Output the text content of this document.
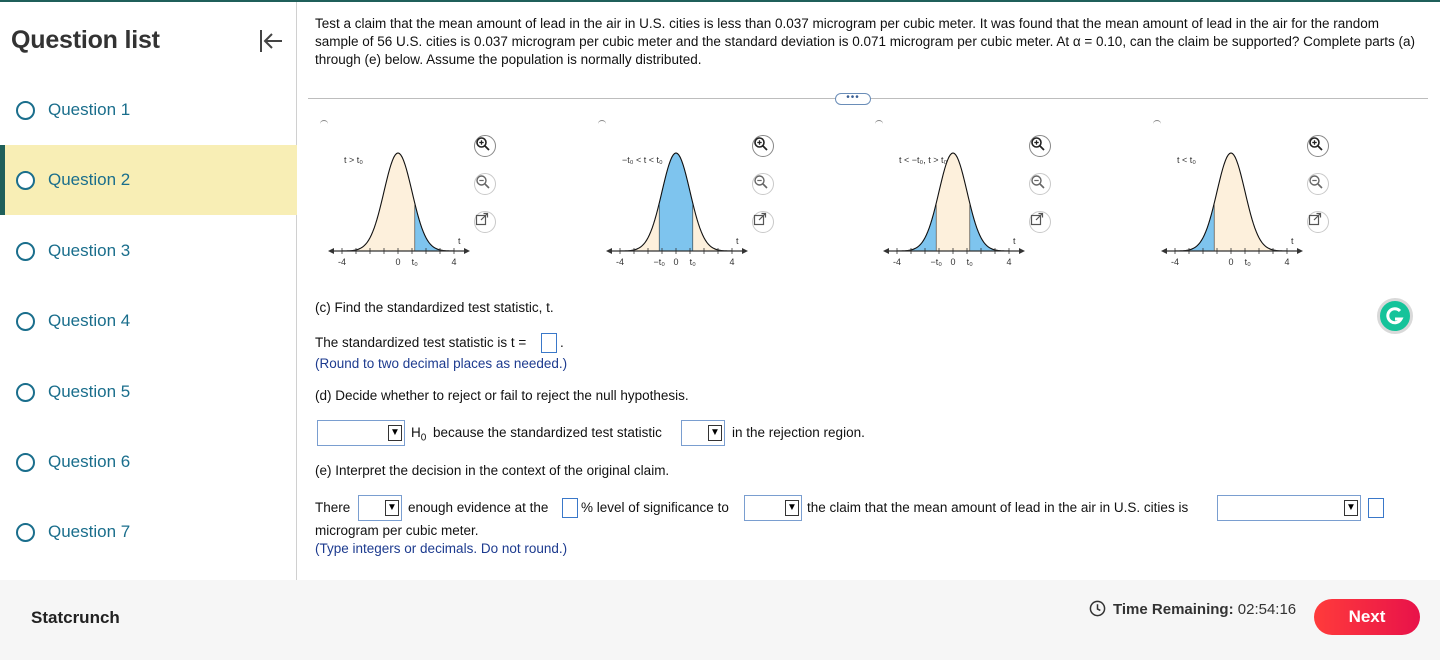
Question list
Question 1
Question 2
Question 3
Question 4
Question 5
Question 6
Question 7
Test a claim that the mean amount of lead in the air in U.S. cities is less than 0.037 microgram per cubic meter. It was found that the mean amount of lead in the air for the random sample of 56 U.S. cities is 0.037 microgram per cubic meter and the standard deviation is 0.071 microgram per cubic meter. At α = 0.10, can the claim be supported? Complete parts (a) through (e) below. Assume the population is normally distributed.
•••
t
-4	0 t₀	4
t > t₀
t
-4	−t₀ 0 t₀	4
−t₀ < t < t₀
t
-4	−t₀ 0 t₀	4
t < −t₀, t > t₀
t
-4	t₀
0	4
t < t₀
(c) Find the standardized test statistic, t.
The standardized test statistic is t =	.
(Round to two decimal places as needed.)
(d) Decide whether to reject or fail to reject the null hypothesis.
▼ $H_0$ because the standardized test statistic	▼ in the rejection region.
(e) Interpret the decision in the context of the original claim.
There	▼ enough evidence at the % level of significance to	▼ the claim that the mean amount of lead in the air in U.S. cities is	▼
microgram per cubic meter.
(Type integers or decimals. Do not round.)
Statcrunch	Time Remaining: 02:54:16	Next
